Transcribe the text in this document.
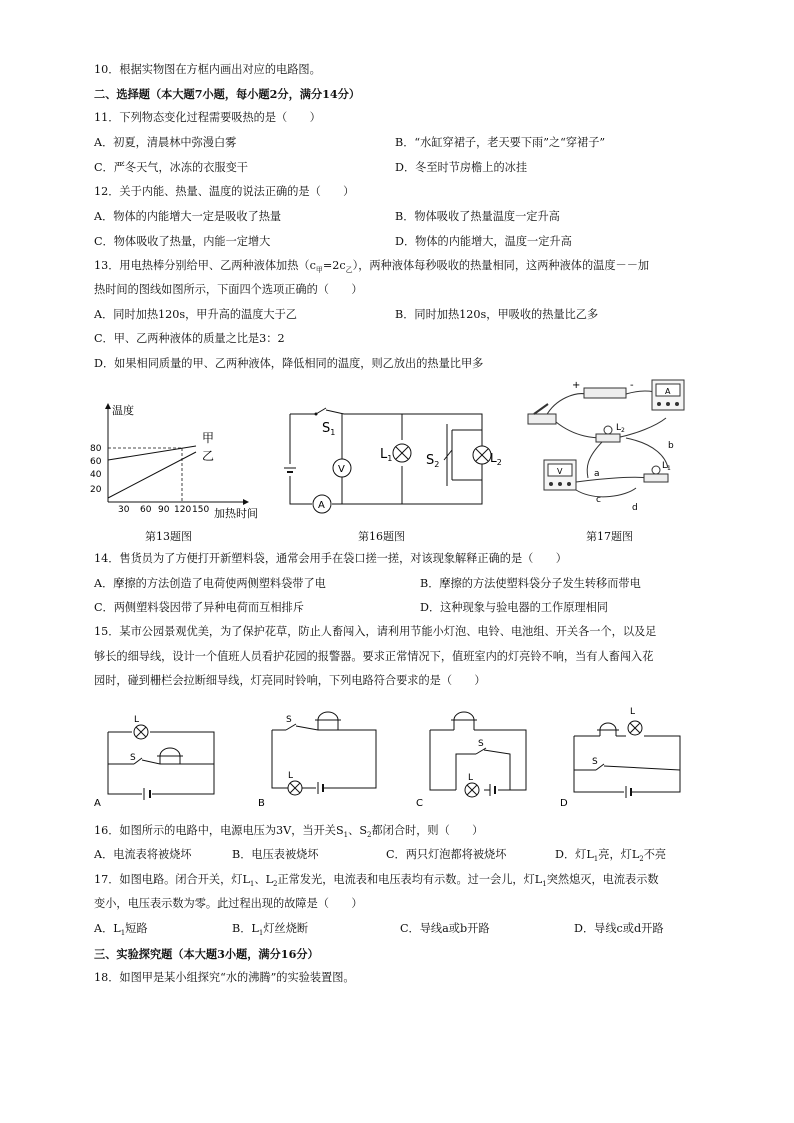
10．根据实物图在方框内画出对应的电路图。
二、选择题（本大题7小题，每小题2分，满分14分）
11．下列物态变化过程需要吸热的是（　　）
A．初夏，清晨林中弥漫白雾	B．“水缸穿裙子，老天要下雨”之“穿裙子”
C．严冬天气，冰冻的衣服变干	D．冬至时节房檐上的冰挂
12．关于内能、热量、温度的说法正确的是（　　）
A．物体的内能增大一定是吸收了热量	B．物体吸收了热量温度一定升高
C．物体吸收了热量，内能一定增大	D．物体的内能增大，温度一定升高
13．用电热棒分别给甲、乙两种液体加热$(c_甲=2c_乙)$，两种液体每秒吸收的热量相同，这两种液体的温度－－加
热时间的图线如图所示，下面四个选项正确的（　　）
A．同时加热120s，甲升高的温度大于乙	B．同时加热120s，甲吸收的热量比乙多
C．甲、乙两种液体的质量之比是3：2
D．如果相同质量的甲、乙两种液体，降低相同的温度，则乙放出的热量比甲多
温度
加热时间
80
60
40
20
30 60 90 120 150
甲
乙
$S_1$
V
A
$L_1$	$S_2$	$L_2$
+	-
A
$L_2$
$L_1$
V	a
b
c
d
第13题图	第16题图	第17题图
14．售货员为了方便打开新塑料袋，通常会用手在袋口搓一搓，对该现象解释正确的是（　　）
A．摩擦的方法创造了电荷使两侧塑料袋带了电	B．摩擦的方法使塑料袋分子发生转移而带电
C．两侧塑料袋因带了异种电荷而互相排斥	D．这种现象与验电器的工作原理相同
15．某市公园景观优美，为了保护花草，防止人畜闯入，请利用节能小灯泡、电铃、电池组、开关各一个，以及足
够长的细导线，设计一个值班人员看护花园的报警器。要求正常情况下，值班室内的灯亮铃不响，当有人畜闯入花
园时，碰到栅栏会拉断细导线，灯亮同时铃响，下列电路符合要求的是（　　）
L
S
A
S
L
B
S
L
C
L
S
D
16．如图所示的电路中，电源电压为3V，当开关$S_1$、$S_2$都闭合时，则（　　）
A．电流表将被烧坏	B．电压表被烧坏	C．两只灯泡都将被烧坏	D．灯$L_1$亮，灯$L_2$不亮
17．如图电路。闭合开关，灯$L_1$、$L_2$正常发光，电流表和电压表均有示数。过一会儿，灯$L_1$突然熄灭，电流表示数
变小，电压表示数为零。此过程出现的故障是（　　）
A．$L_1$短路	B．$L_1$灯丝烧断	C．导线a或b开路	D．导线c或d开路
三、实验探究题（本大题3小题，满分16分）
18．如图甲是某小组探究“水的沸腾”的实验装置图。
